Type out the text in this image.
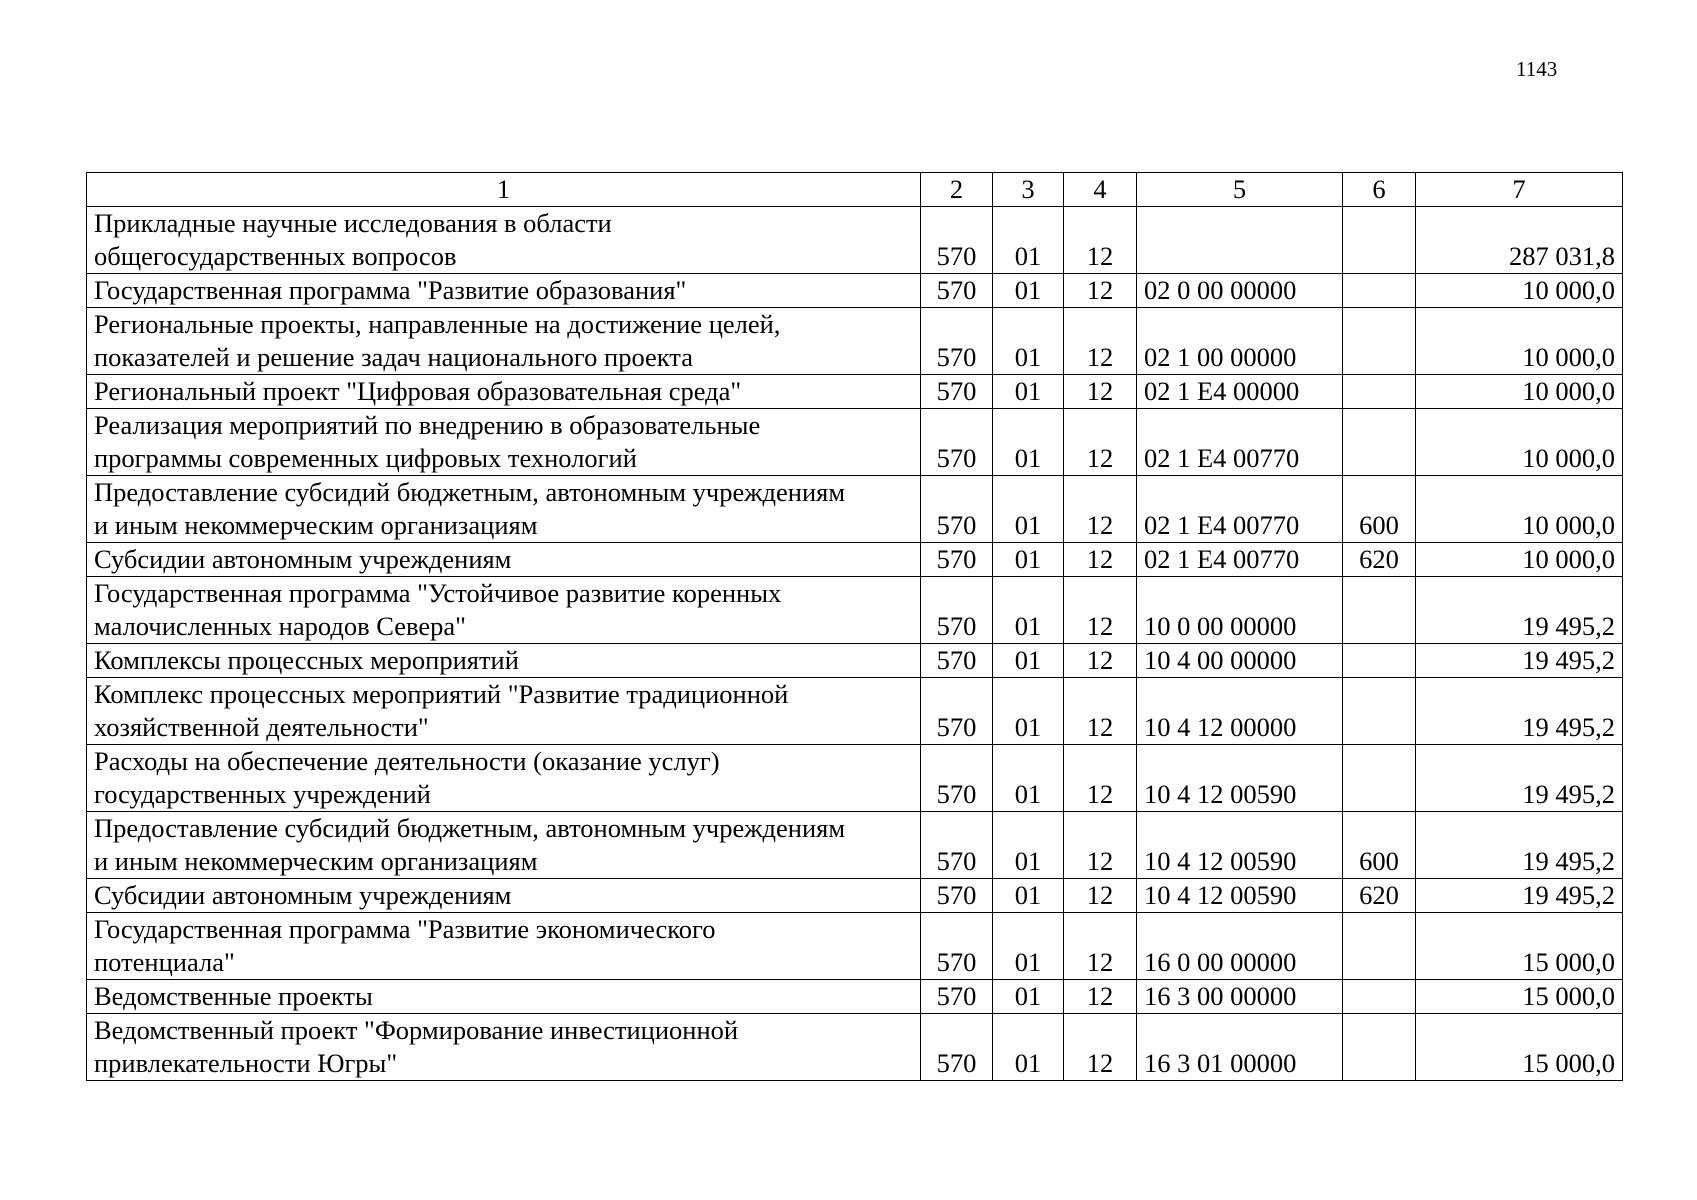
1143
1	2	3	4	5	6	7
Прикладные научные исследования в области
общегосударственных вопросов	570	01	12			287 031,8
Государственная программа "Развитие образования"	570	01	12	02 0 00 00000		10 000,0
Региональные проекты, направленные на достижение целей,
показателей и решение задач национального проекта	570	01	12	02 1 00 00000		10 000,0
Региональный проект "Цифровая образовательная среда"	570	01	12	02 1 E4 00000		10 000,0
Реализация мероприятий по внедрению в образовательные
программы современных цифровых технологий	570	01	12	02 1 E4 00770		10 000,0
Предоставление субсидий бюджетным, автономным учреждениям
и иным некоммерческим организациям	570	01	12	02 1 E4 00770	600	10 000,0
Субсидии автономным учреждениям	570	01	12	02 1 E4 00770	620	10 000,0
Государственная программа "Устойчивое развитие коренных
малочисленных народов Севера"	570	01	12	10 0 00 00000		19 495,2
Комплексы процессных мероприятий	570	01	12	10 4 00 00000		19 495,2
Комплекс процессных мероприятий "Развитие традиционной
хозяйственной деятельности"	570	01	12	10 4 12 00000		19 495,2
Расходы на обеспечение деятельности (оказание услуг)
государственных учреждений	570	01	12	10 4 12 00590		19 495,2
Предоставление субсидий бюджетным, автономным учреждениям
и иным некоммерческим организациям	570	01	12	10 4 12 00590	600	19 495,2
Субсидии автономным учреждениям	570	01	12	10 4 12 00590	620	19 495,2
Государственная программа "Развитие экономического
потенциала"	570	01	12	16 0 00 00000		15 000,0
Ведомственные проекты	570	01	12	16 3 00 00000		15 000,0
Ведомственный проект "Формирование инвестиционной
привлекательности Югры"	570	01	12	16 3 01 00000		15 000,0
